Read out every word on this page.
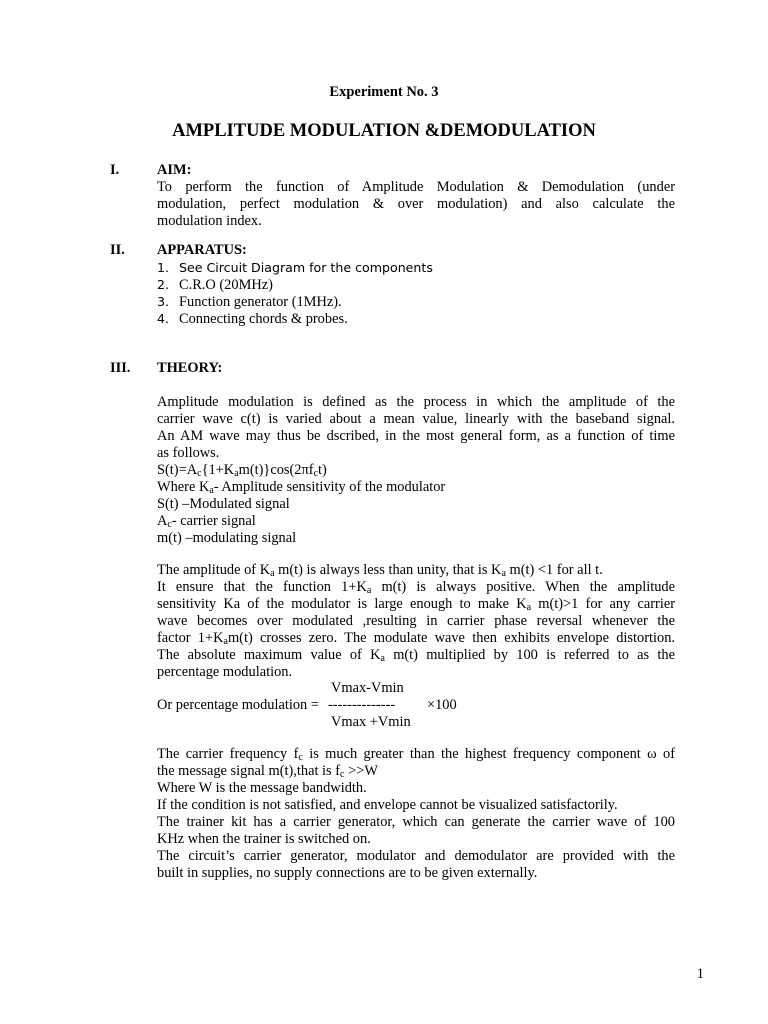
Experiment No. 3
AMPLITUDE MODULATION &DEMODULATION
I.	AIM:
To perform the function of Amplitude Modulation & Demodulation (under
modulation, perfect modulation & over modulation) and also calculate the
modulation index.
II. APPARATUS:
1. See Circuit Diagram for the components
2. C.R.O (20MHz)
3. Function generator (1MHz).
4. Connecting chords & probes.
III. THEORY:
Amplitude modulation is defined as the process in which the amplitude of the
carrier wave c(t) is varied about a mean value, linearly with the baseband signal.
An AM wave may thus be dscribed, in the most general form, as a function of time
as follows.
$S(t)=A_c\{1+K_am(t)\}\cos(2\pi f_ct)$
Where $K_a-$ Amplitude sensitivity of the modulator
S(t) –Modulated signal
$A_c-$ carrier signal
m(t) –modulating signal
The amplitude of $K_a$ m(t) is always less than unity, that is $K_a$ m(t) <1 for all t.
It ensure that the function $1+K_a$ m(t) is always positive. When the amplitude
sensitivity Ka of the modulator is large enough to make $K_a$ m(t)>1 for any carrier
wave becomes over modulated ,resulting in carrier phase reversal whenever the
factor $1+K_am(t)$ crosses zero. The modulate wave then exhibits envelope distortion.
The absolute maximum value of $K_a$ m(t) multiplied by 100 is referred to as the
percentage modulation.
Vmax-Vmin
Or percentage modulation = -------------- ×100
Vmax +Vmin
The carrier frequency $f_c$ is much greater than the highest frequency component ω of
the message signal m(t),that is $f_c >>W$
Where W is the message bandwidth.
If the condition is not satisfied, and envelope cannot be visualized satisfactorily.
The trainer kit has a carrier generator, which can generate the carrier wave of 100
KHz when the trainer is switched on.
The circuit’s carrier generator, modulator and demodulator are provided with the
built in supplies, no supply connections are to be given externally.
1
